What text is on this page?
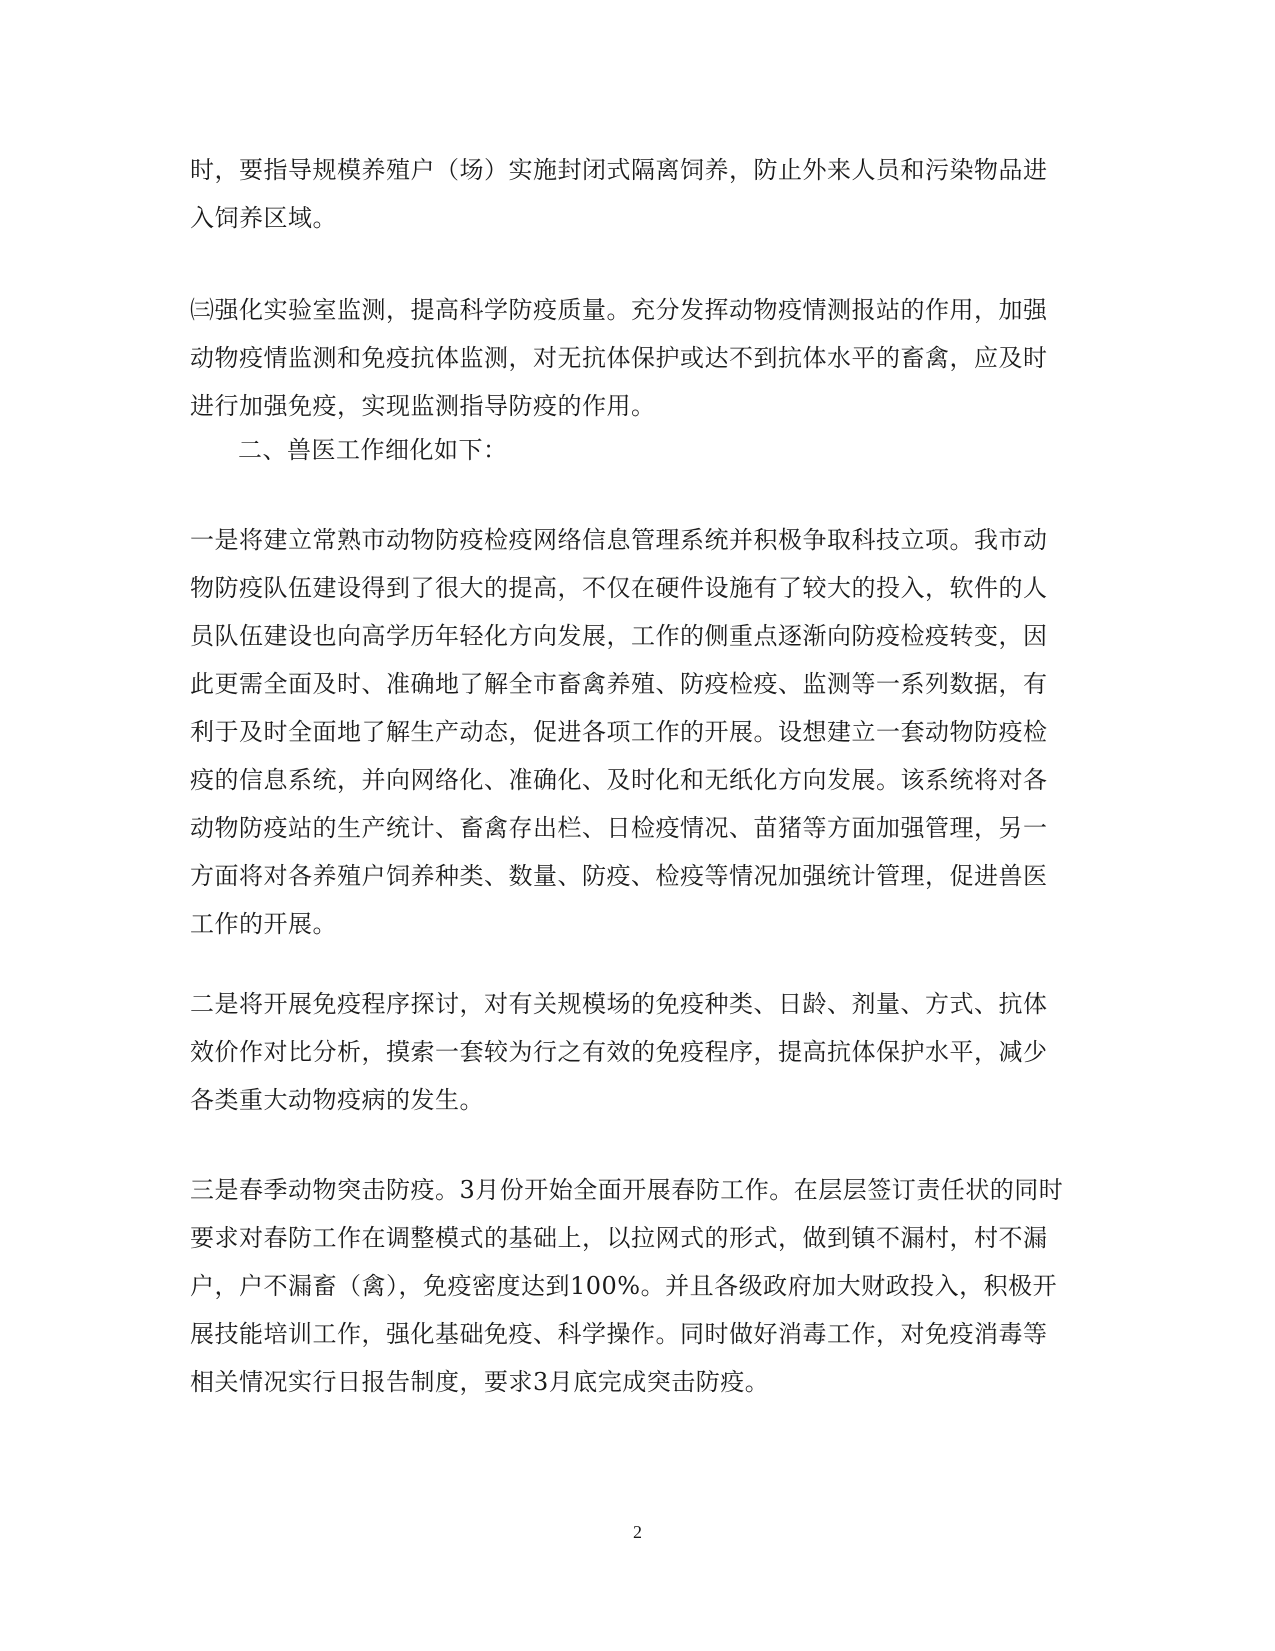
时，要指导规模养殖户（场）实施封闭式隔离饲养，防止外来人员和污染物品进
入饲养区域。
㈢强化实验室监测，提高科学防疫质量。充分发挥动物疫情测报站的作用，加强
动物疫情监测和免疫抗体监测，对无抗体保护或达不到抗体水平的畜禽，应及时
进行加强免疫，实现监测指导防疫的作用。
二、兽医工作细化如下：
一是将建立常熟市动物防疫检疫网络信息管理系统并积极争取科技立项。我市动
物防疫队伍建设得到了很大的提高，不仅在硬件设施有了较大的投入，软件的人
员队伍建设也向高学历年轻化方向发展，工作的侧重点逐渐向防疫检疫转变，因
此更需全面及时、准确地了解全市畜禽养殖、防疫检疫、监测等一系列数据，有
利于及时全面地了解生产动态，促进各项工作的开展。设想建立一套动物防疫检
疫的信息系统，并向网络化、准确化、及时化和无纸化方向发展。该系统将对各
动物防疫站的生产统计、畜禽存出栏、日检疫情况、苗猪等方面加强管理，另一
方面将对各养殖户饲养种类、数量、防疫、检疫等情况加强统计管理，促进兽医
工作的开展。
二是将开展免疫程序探讨，对有关规模场的免疫种类、日龄、剂量、方式、抗体
效价作对比分析，摸索一套较为行之有效的免疫程序，提高抗体保护水平，减少
各类重大动物疫病的发生。
三是春季动物突击防疫。3月份开始全面开展春防工作。在层层签订责任状的同时
要求对春防工作在调整模式的基础上，以拉网式的形式，做到镇不漏村，村不漏
户，户不漏畜（禽），免疫密度达到100%。并且各级政府加大财政投入，积极开
展技能培训工作，强化基础免疫、科学操作。同时做好消毒工作，对免疫消毒等
相关情况实行日报告制度，要求3月底完成突击防疫。
2
